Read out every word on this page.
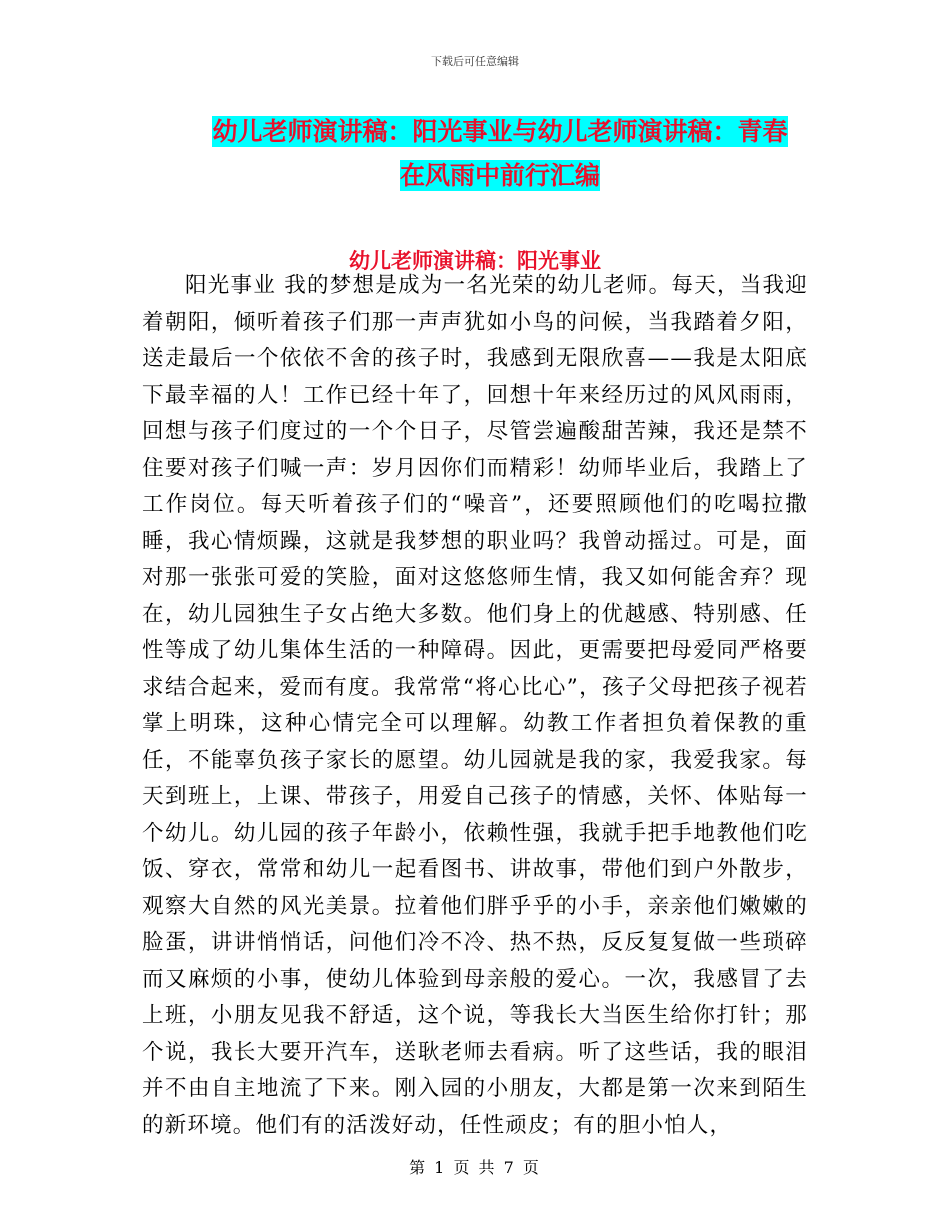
下载后可任意编辑
幼儿老师演讲稿：阳光事业与幼儿老师演讲稿：青春
在风雨中前行汇编
幼儿老师演讲稿：阳光事业

阳光事业 我的梦想是成为一名光荣的幼儿老师。每天，当我迎着朝阳，倾听着孩子们那一声声犹如小鸟的问候，当我踏着夕阳，送走最后一个依依不舍的孩子时，我感到无限欣喜——我是太阳底下最幸福的人！工作已经十年了，回想十年来经历过的风风雨雨，回想与孩子们度过的一个个日子，尽管尝遍酸甜苦辣，我还是禁不住要对孩子们喊一声：岁月因你们而精彩！幼师毕业后，我踏上了工作岗位。每天听着孩子们的“噪音”，还要照顾他们的吃喝拉撒睡，我心情烦躁，这就是我梦想的职业吗？我曾动摇过。可是，面对那一张张可爱的笑脸，面对这悠悠师生情，我又如何能舍弃？现在，幼儿园独生子女占绝大多数。他们身上的优越感、特别感、任性等成了幼儿集体生活的一种障碍。因此，更需要把母爱同严格要求结合起来，爱而有度。我常常“将心比心”，孩子父母把孩子视若掌上明珠，这种心情完全可以理解。幼教工作者担负着保教的重任，不能辜负孩子家长的愿望。幼儿园就是我的家，我爱我家。每天到班上，上课、带孩子，用爱自己孩子的情感，关怀、体贴每一个幼儿。幼儿园的孩子年龄小，依赖性强，我就手把手地教他们吃饭、穿衣，常常和幼儿一起看图书、讲故事，带他们到户外散步，观察大自然的风光美景。拉着他们胖乎乎的小手，亲亲他们嫩嫩的脸蛋，讲讲悄悄话，问他们冷不冷、热不热，反反复复做一些琐碎而又麻烦的小事，使幼儿体验到母亲般的爱心。一次，我感冒了去上班，小朋友见我不舒适，这个说，等我长大当医生给你打针；那个说，我长大要开汽车，送耿老师去看病。听了这些话，我的眼泪并不由自主地流了下来。刚入园的小朋友，大都是第一次来到陌生的新环境。他们有的活泼好动，任性顽皮；有的胆小怕人，

第 1 页 共 7 页
